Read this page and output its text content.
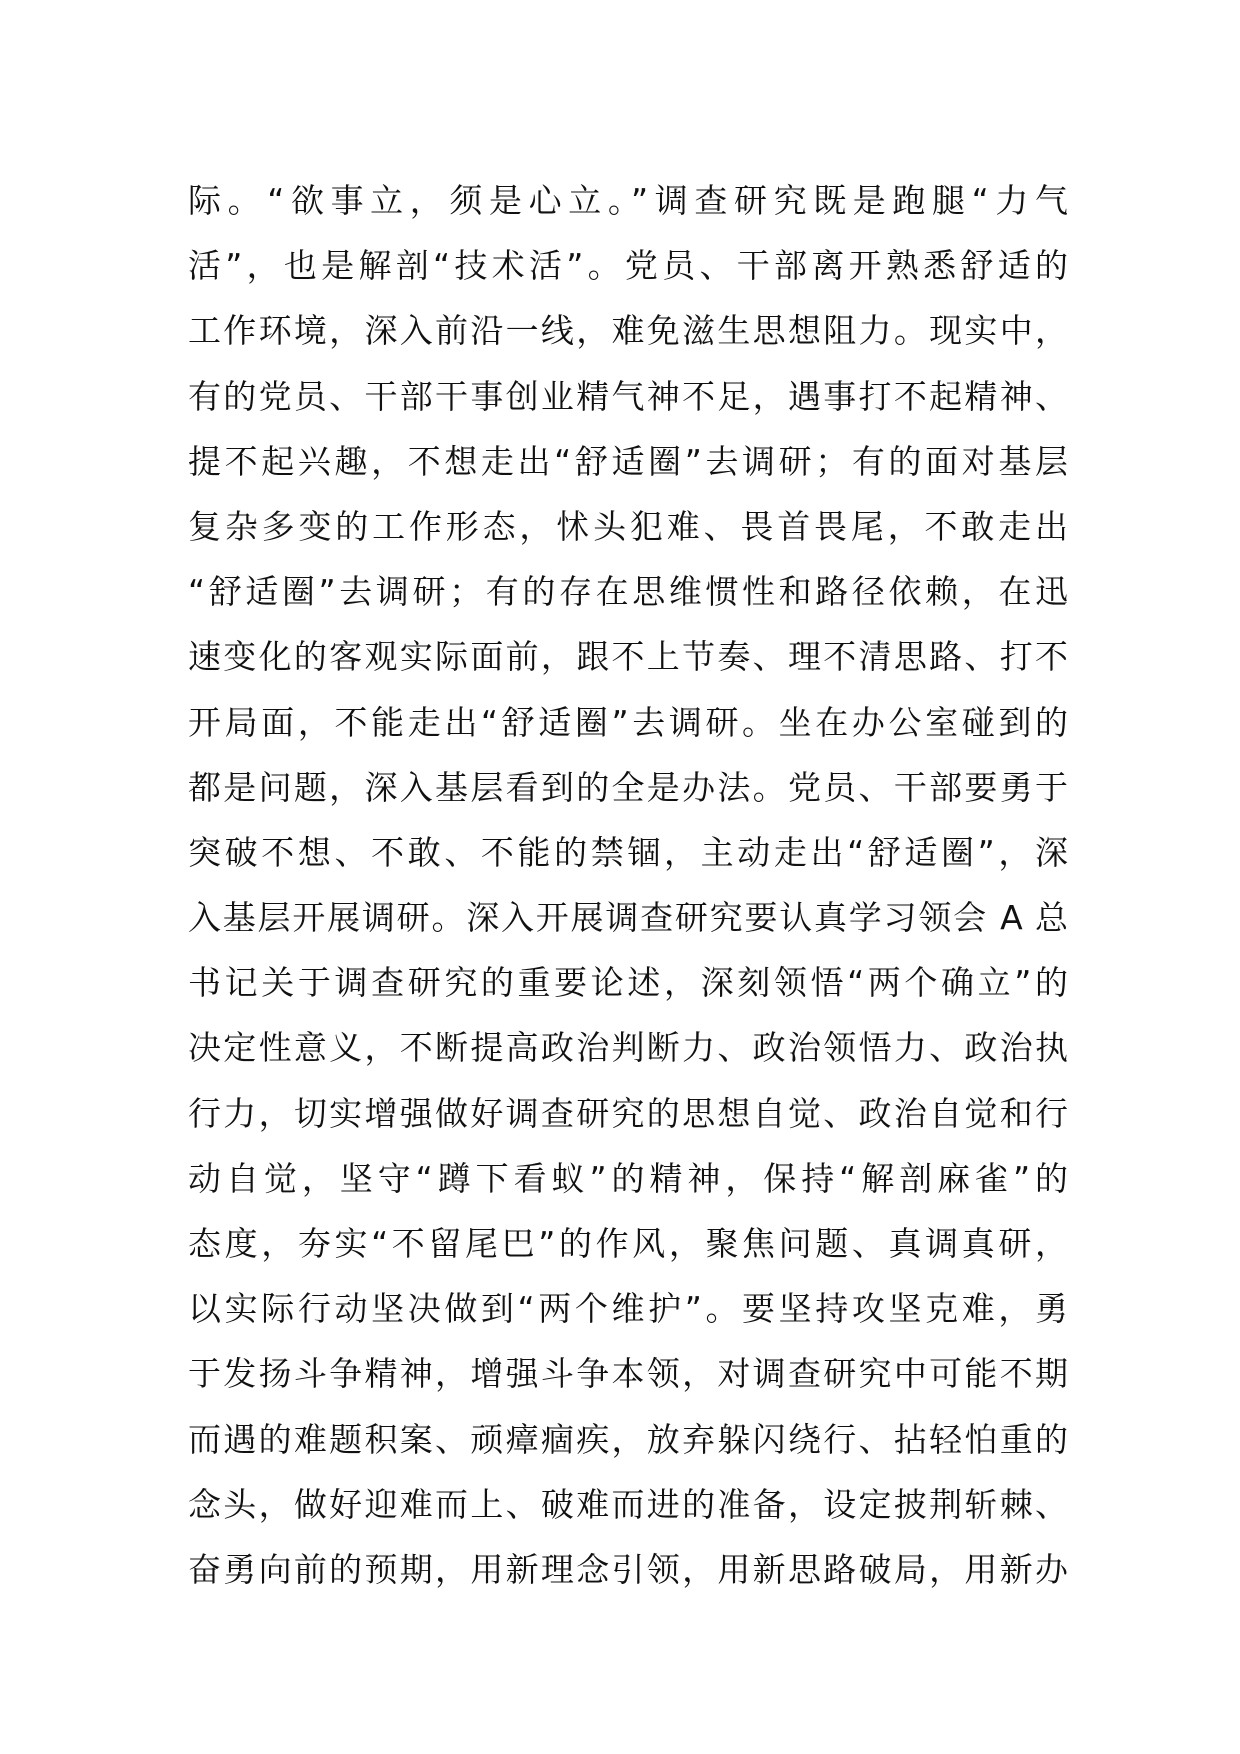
际。“欲事立，须是心立。”调查研究既是跑腿“力气
活”，也是解剖“技术活”。党员、干部离开熟悉舒适的
工作环境，深入前沿一线，难免滋生思想阻力。现实中，
有的党员、干部干事创业精气神不足，遇事打不起精神、
提不起兴趣，不想走出“舒适圈”去调研；有的面对基层
复杂多变的工作形态，怵头犯难、畏首畏尾，不敢走出
“舒适圈”去调研；有的存在思维惯性和路径依赖，在迅
速变化的客观实际面前，跟不上节奏、理不清思路、打不
开局面，不能走出“舒适圈”去调研。坐在办公室碰到的
都是问题，深入基层看到的全是办法。党员、干部要勇于
突破不想、不敢、不能的禁锢，主动走出“舒适圈”，深
入基层开展调研。深入开展调查研究要认真学习领会 A 总
书记关于调查研究的重要论述，深刻领悟“两个确立”的
决定性意义，不断提高政治判断力、政治领悟力、政治执
行力，切实增强做好调查研究的思想自觉、政治自觉和行
动自觉，坚守“蹲下看蚁”的精神，保持“解剖麻雀”的
态度，夯实“不留尾巴”的作风，聚焦问题、真调真研，
以实际行动坚决做到“两个维护”。要坚持攻坚克难，勇
于发扬斗争精神，增强斗争本领，对调查研究中可能不期
而遇的难题积案、顽瘴痼疾，放弃躲闪绕行、拈轻怕重的
念头，做好迎难而上、破难而进的准备，设定披荆斩棘、
奋勇向前的预期，用新理念引领，用新思路破局，用新办
